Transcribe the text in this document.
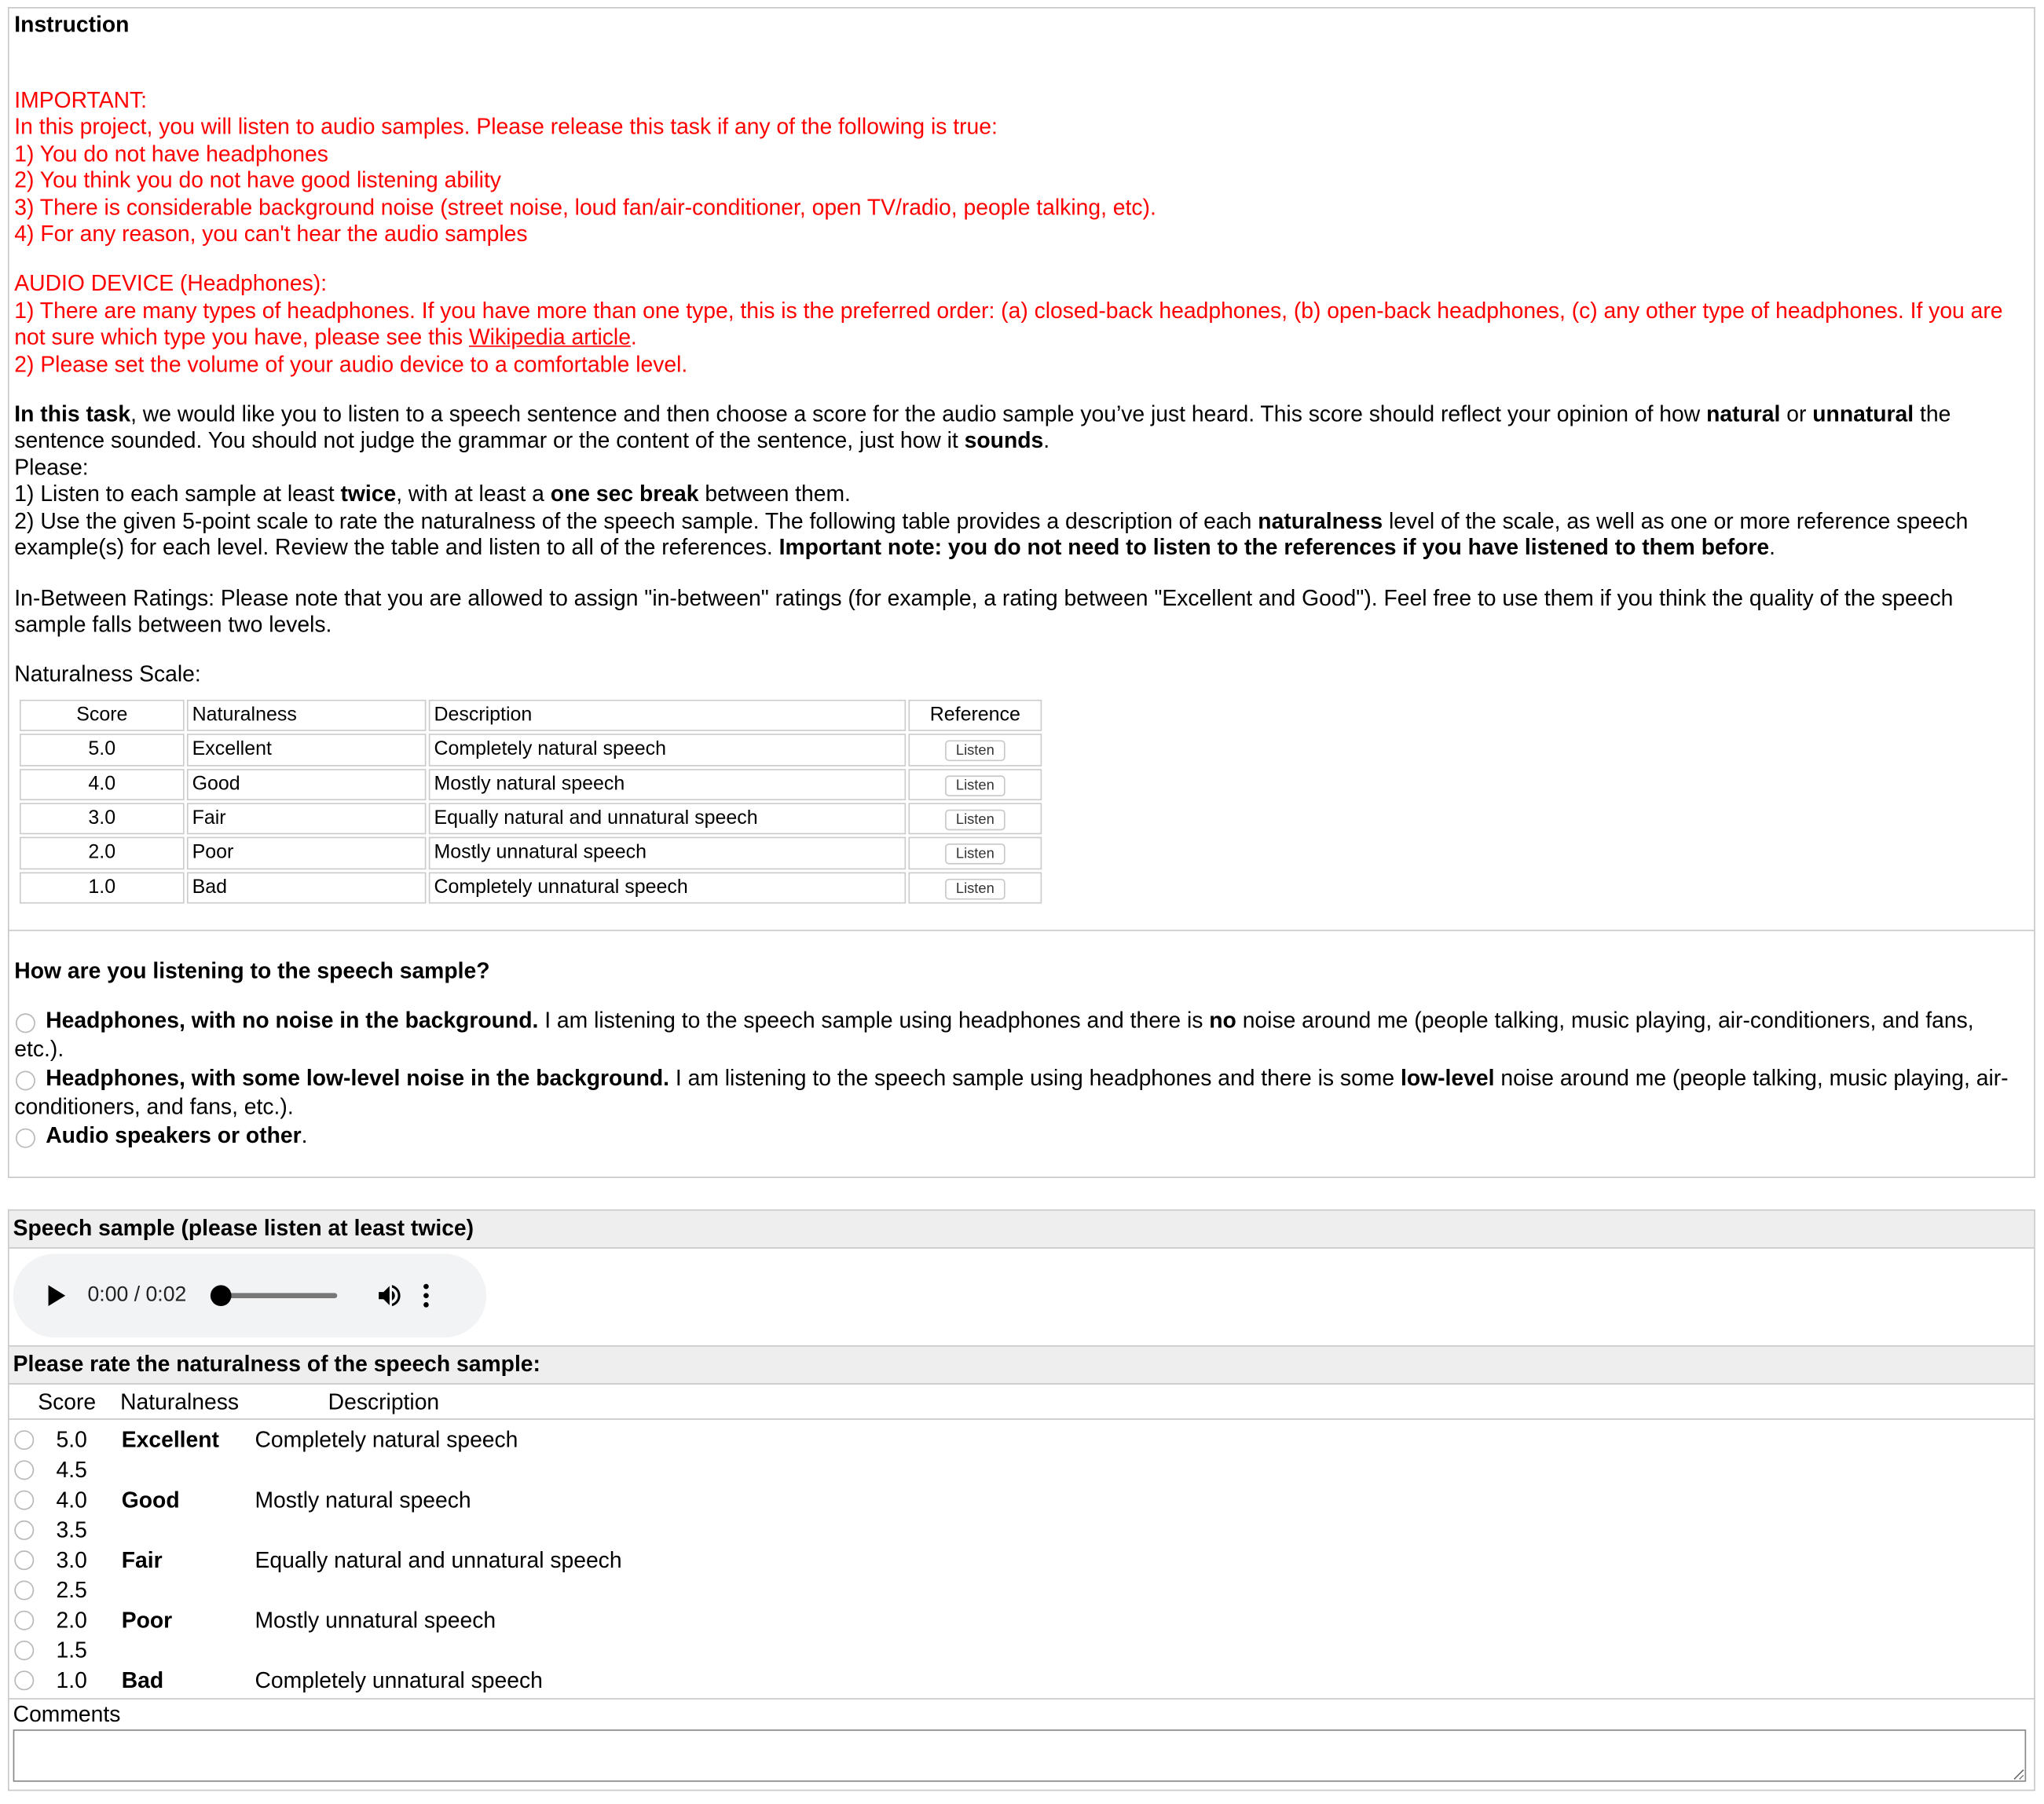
Instruction
IMPORTANT:
In this project, you will listen to audio samples. Please release this task if any of the following is true:
1) You do not have headphones
2) You think you do not have good listening ability
3) There is considerable background noise (street noise, loud fan/air-conditioner, open TV/radio, people talking, etc).
4) For any reason, you can't hear the audio samples
AUDIO DEVICE (Headphones):
1) There are many types of headphones. If you have more than one type, this is the preferred order: (a) closed-back headphones, (b) open-back headphones, (c) any other type of headphones. If you are not sure which type you have, please see this Wikipedia article.
2) Please set the volume of your audio device to a comfortable level.
In this task, we would like you to listen to a speech sentence and then choose a score for the audio sample you’ve just heard. This score should reflect your opinion of how natural or unnatural the sentence sounded. You should not judge the grammar or the content of the sentence, just how it sounds.
Please:
1) Listen to each sample at least twice, with at least a one sec break between them.
2) Use the given 5-point scale to rate the naturalness of the speech sample. The following table provides a description of each naturalness level of the scale, as well as one or more reference speech example(s) for each level. Review the table and listen to all of the references. Important note: you do not need to listen to the references if you have listened to them before.
In-Between Ratings: Please note that you are allowed to assign "in-between" ratings (for example, a rating between "Excellent and Good"). Feel free to use them if you think the quality of the speech sample falls between two levels.
Naturalness Scale:
Score	Naturalness	Description	Reference
5.0	Excellent	Completely natural speech	Listen
4.0	Good	Mostly natural speech	Listen
3.0	Fair	Equally natural and unnatural speech	Listen
2.0	Poor	Mostly unnatural speech	Listen
1.0	Bad	Completely unnatural speech	Listen
How are you listening to the speech sample?
Headphones, with no noise in the background. I am listening to the speech sample using headphones and there is no noise around me (people talking, music playing, air-conditioners, and fans, etc.).
Headphones, with some low-level noise in the background. I am listening to the speech sample using headphones and there is some low-level noise around me (people talking, music playing, air-conditioners, and fans, etc.).
Audio speakers or other.
Speech sample (please listen at least twice)
0:00 / 0:02
Please rate the naturalness of the speech sample:
Score	Naturalness	Description
5.0	Excellent	Completely natural speech
4.5
4.0	Good	Mostly natural speech
3.5
3.0	Fair	Equally natural and unnatural speech
2.5
2.0	Poor	Mostly unnatural speech
1.5
1.0	Bad	Completely unnatural speech
Comments
